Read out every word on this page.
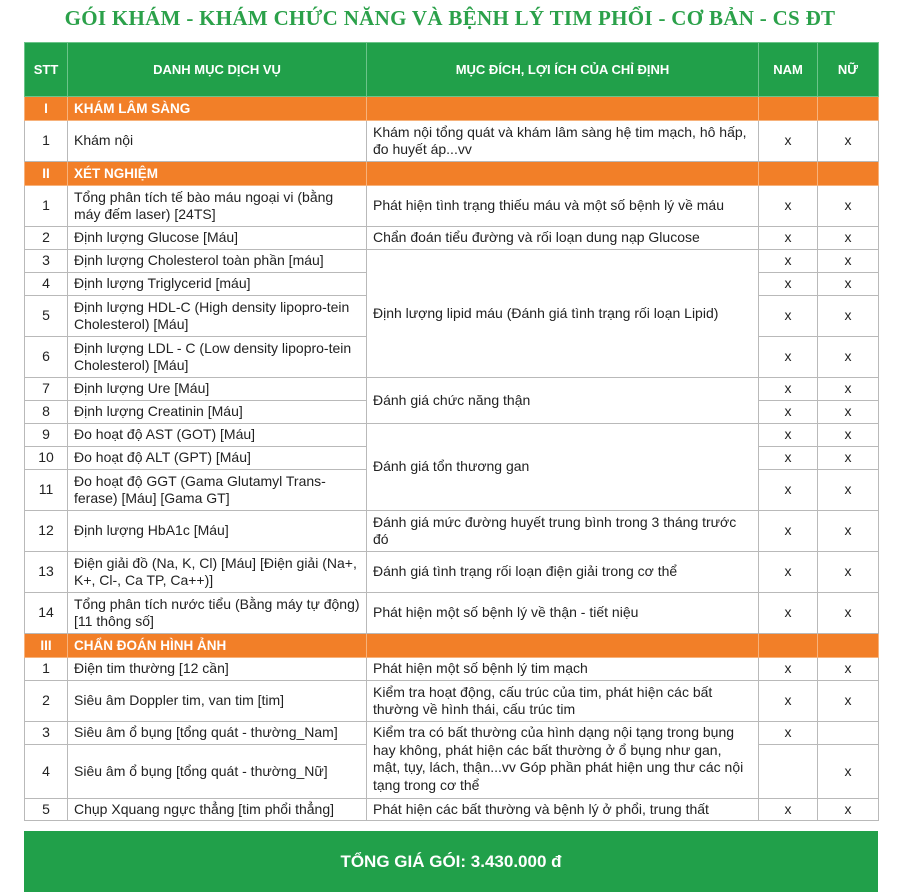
GÓI KHÁM - KHÁM CHỨC NĂNG VÀ BỆNH LÝ TIM PHỔI - CƠ BẢN - CS ĐT
STT	DANH MỤC DỊCH VỤ	MỤC ĐÍCH, LỢI ÍCH CỦA CHỈ ĐỊNH	NAM	NỮ
I	KHÁM LÂM SÀNG			
1	Khám nội	Khám nội tổng quát và khám lâm sàng hệ tim mạch, hô hấp, đo huyết áp...vv	x	x
II	XÉT NGHIỆM			
1	Tổng phân tích tế bào máu ngoại vi (bằng máy đếm laser) [24TS]	Phát hiện tình trạng thiếu máu và một số bệnh lý về máu	x	x
2	Định lượng Glucose [Máu]	Chẩn đoán tiểu đường và rối loạn dung nạp Glucose	x	x
3	Định lượng Cholesterol toàn phần [máu]	Định lượng lipid máu (Đánh giá tình trạng rối loạn Lipid)	x	x
4	Định lượng Triglycerid [máu]		x	x
5	Định lượng HDL-C (High density lipopro-tein Cholesterol) [Máu]		x	x
6	Định lượng LDL - C (Low density lipopro-tein Cholesterol) [Máu]		x	x
7	Định lượng Ure [Máu]	Đánh giá chức năng thận	x	x
8	Định lượng Creatinin [Máu]		x	x
9	Đo hoạt độ AST (GOT) [Máu]	Đánh giá tổn thương gan	x	x
10	Đo hoạt độ ALT (GPT) [Máu]		x	x
11	Đo hoạt độ GGT (Gama Glutamyl Trans-ferase) [Máu] [Gama GT]		x	x
12	Định lượng HbA1c [Máu]	Đánh giá mức đường huyết trung bình trong 3 tháng trước đó	x	x
13	Điện giải đồ (Na, K, Cl) [Máu] [Điện giải (Na+, K+, Cl-, Ca TP, Ca++)]	Đánh giá tình trạng rối loạn điện giải trong cơ thể	x	x
14	Tổng phân tích nước tiểu (Bằng máy tự động) [11 thông số]	Phát hiện một số bệnh lý về thận - tiết niệu	x	x
III	CHẨN ĐOÁN HÌNH ẢNH			
1	Điện tim thường [12 cần]	Phát hiện một số bệnh lý tim mạch	x	x
2	Siêu âm Doppler tim, van tim [tim]	Kiểm tra hoạt động, cấu trúc của tim, phát hiện các bất thường về hình thái, cấu trúc tim	x	x
3	Siêu âm ổ bụng [tổng quát - thường_Nam]	Kiểm tra có bất thường của hình dạng nội tạng trong bụng hay không, phát hiện các bất thường ở ổ bụng như gan, mật, tụy, lách, thận...vv Góp phần phát hiện ung thư các nội tạng trong cơ thể	x	
4	Siêu âm ổ bụng [tổng quát - thường_Nữ]			x
5	Chụp Xquang ngực thẳng [tim phổi thẳng]	Phát hiện các bất thường và bệnh lý ở phổi, trung thất	x	x
TỔNG GIÁ GÓI: 3.430.000 đ
